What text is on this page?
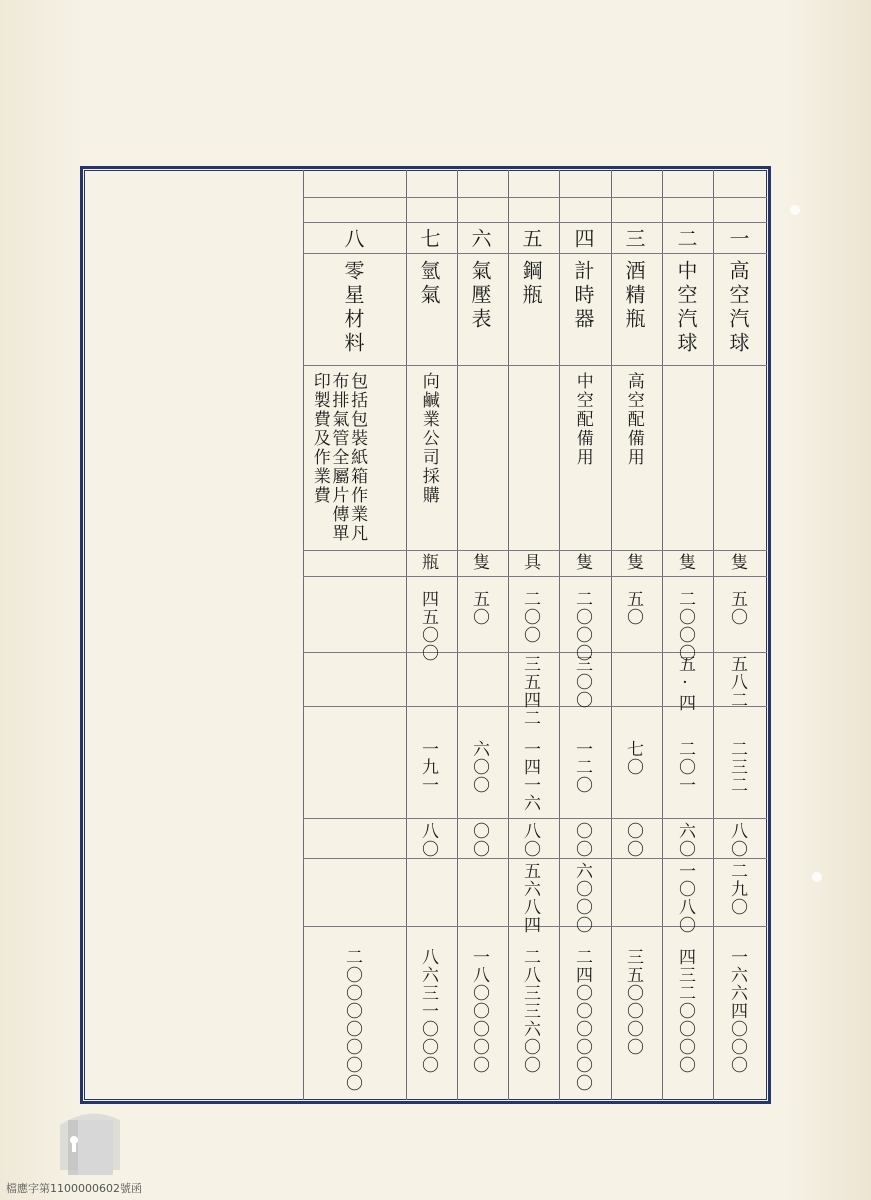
一
高空汽球
隻
五〇
五八二
二三二
八〇
二九〇
一六六四〇〇〇
二
中空汽球
隻
二〇〇〇
五·四
二〇一
六〇
一〇八〇
四三二〇〇〇〇
三
酒精瓶
高空配備用
隻
五〇
七〇
〇〇
三五〇〇〇〇
四
計時器
中空配備用
隻
二〇〇〇
三〇〇
一二〇
〇〇
六〇〇〇
二四〇〇〇〇〇〇
五
鋼瓶
具
二〇〇
三五四二
一四一六
八〇
五六八四
二八三三六〇〇
六
氣壓表
隻
五〇
六〇〇
〇〇
一八〇〇〇〇〇
七
氫氣
向鹹業公司採購
瓶
四五〇〇
一九一
八〇
八六三一〇〇〇
八
零星材料
包括包裝紙箱作業凡布排氣管全屬片傳單印製費及作業費
二〇〇〇〇〇〇〇
檔應字第1100000602號函
